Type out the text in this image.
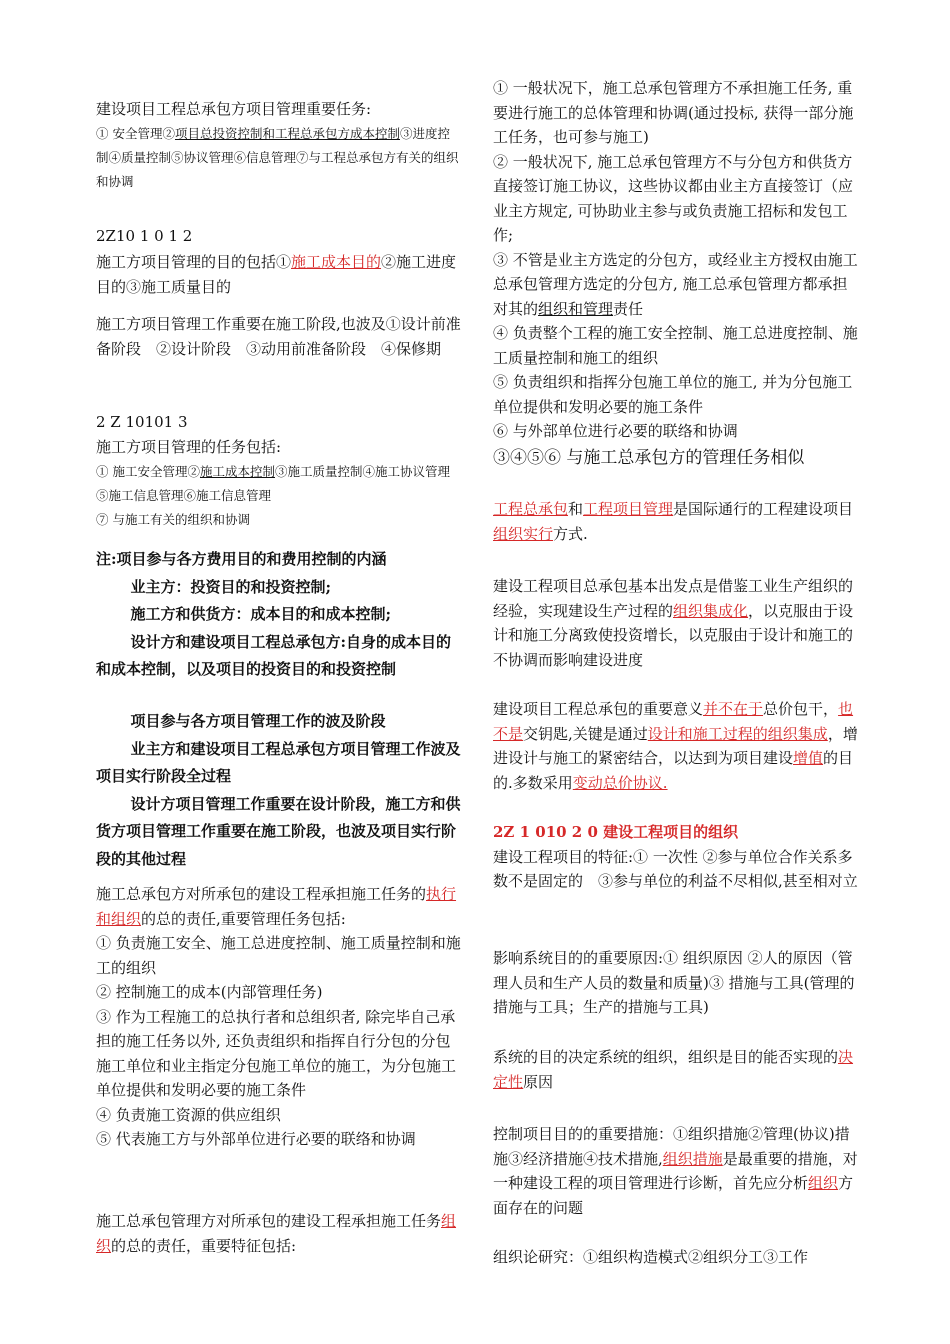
建设项目工程总承包方项目管理重要任务:

① 安全管理②项目总投资控制和工程总承包方成本控制③进度控制④质量控制⑤协议管理⑥信息管理⑦与工程总承包方有关的组织和协调

2Z10 1 0 1 2

施工方项目管理的目的包括①施工成本目的②施工进度目的③施工质量目的

施工方项目管理工作重要在施工阶段,也波及①设计前准备阶段　②设计阶段　③动用前准备阶段　④保修期

2 Z 10101 3

施工方项目管理的任务包括:

① 施工安全管理②施工成本控制③施工质量控制④施工协议管理⑤施工信息管理⑥施工信息管理

⑦ 与施工有关的组织和协调

注:项目参与各方费用目的和费用控制的内涵

业主方：投资目的和投资控制;

施工方和供货方：成本目的和成本控制;

设计方和建设项目工程总承包方:自身的成本目的和成本控制，以及项目的投资目的和投资控制

项目参与各方项目管理工作的波及阶段

业主方和建设项目工程总承包方项目管理工作波及项目实行阶段全过程

设计方项目管理工作重要在设计阶段，施工方和供货方项目管理工作重要在施工阶段，也波及项目实行阶段的其他过程

施工总承包方对所承包的建设工程承担施工任务的执行和组织的总的责任,重要管理任务包括:

① 负责施工安全、施工总进度控制、施工质量控制和施工的组织

② 控制施工的成本(内部管理任务)

③ 作为工程施工的总执行者和总组织者, 除完毕自己承担的施工任务以外, 还负责组织和指挥自行分包的分包施工单位和业主指定分包施工单位的施工，为分包施工单位提供和发明必要的施工条件

④ 负责施工资源的供应组织

⑤ 代表施工方与外部单位进行必要的联络和协调

施工总承包管理方对所承包的建设工程承担施工任务组织的总的责任，重要特征包括:

① 一般状况下，施工总承包管理方不承担施工任务, 重要进行施工的总体管理和协调(通过投标, 获得一部分施工任务，也可参与施工)

② 一般状况下, 施工总承包管理方不与分包方和供货方直接签订施工协议，这些协议都由业主方直接签订（应业主方规定, 可协助业主参与或负责施工招标和发包工作;

③ 不管是业主方选定的分包方，或经业主方授权由施工总承包管理方选定的分包方, 施工总承包管理方都承担对其的组织和管理责任

④ 负责整个工程的施工安全控制、施工总进度控制、施工质量控制和施工的组织

⑤ 负责组织和指挥分包施工单位的施工, 并为分包施工单位提供和发明必要的施工条件

⑥ 与外部单位进行必要的联络和协调

③④⑤⑥ 与施工总承包方的管理任务相似

工程总承包和工程项目管理是国际通行的工程建设项目组织实行方式.

建设工程项目总承包基本出发点是借鉴工业生产组织的经验，实现建设生产过程的组织集成化，以克服由于设计和施工分离致使投资增长，以克服由于设计和施工的不协调而影响建设进度

建设项目工程总承包的重要意义并不在于总价包干，也不是交钥匙,关键是通过设计和施工过程的组织集成，增进设计与施工的紧密结合，以达到为项目建设增值的目的.多数采用变动总价协议.

2Z 1 010 2 0 建设工程项目的组织

建设工程项目的特征:① 一次性 ②参与单位合作关系多数不是固定的　③参与单位的利益不尽相似,甚至相对立

影响系统目的的重要原因:① 组织原因 ②人的原因（管理人员和生产人员的数量和质量)③ 措施与工具(管理的措施与工具；生产的措施与工具)

系统的目的决定系统的组织，组织是目的能否实现的决定性原因

控制项目目的的重要措施：①组织措施②管理(协议)措施③经济措施④技术措施,组织措施是最重要的措施，对一种建设工程的项目管理进行诊断，首先应分析组织方面存在的问题

组织论研究：①组织构造模式②组织分工③工作
